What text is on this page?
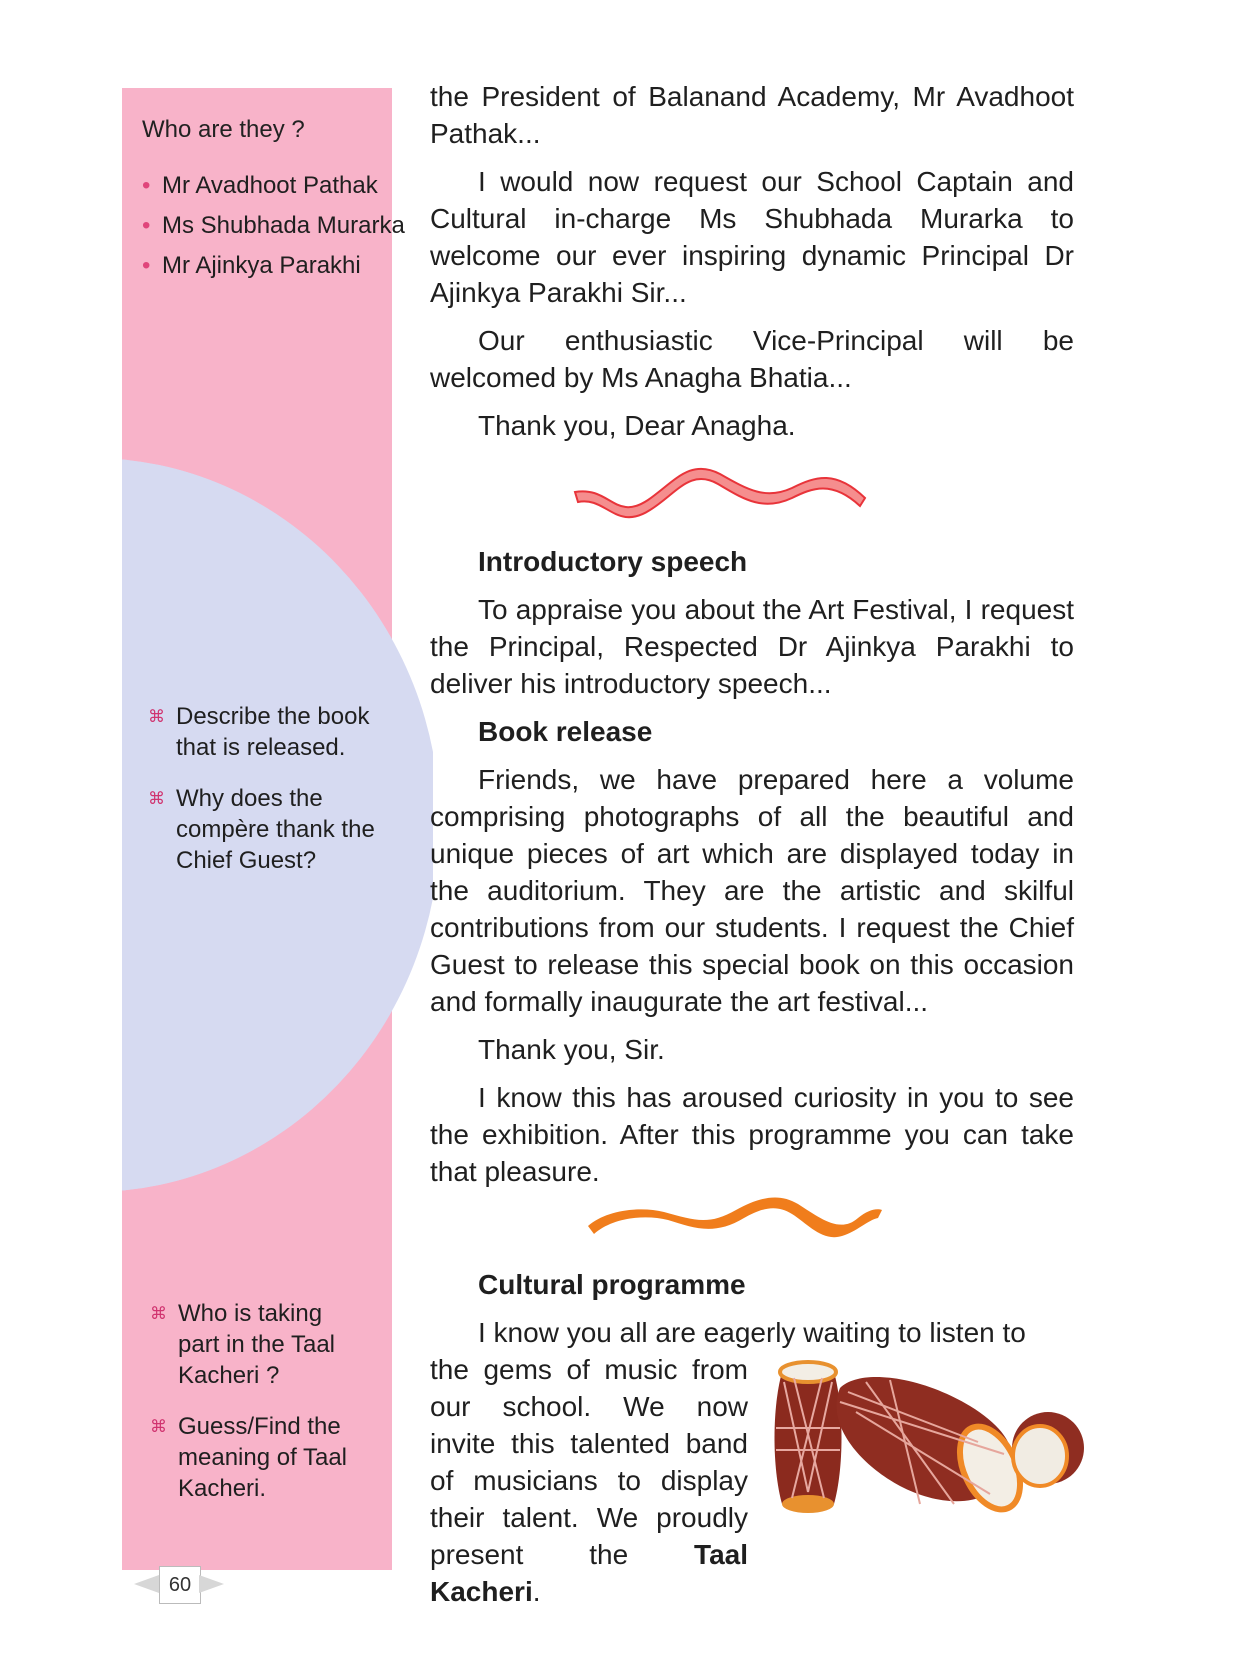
Who are they ?
• Mr Avadhoot Pathak
• Ms Shubhada Murarka
• Mr Ajinkya Parakhi
⌘ Describe the book that is released.
⌘ Why does the compère thank the Chief Guest?
⌘ Who is taking part in the Taal Kacheri ?
⌘ Guess/Find the meaning of Taal Kacheri.

the President of Balanand Academy, Mr Avadhoot Pathak...

I would now request our School Captain and Cultural in-charge Ms Shubhada Murarka to welcome our ever inspiring dynamic Principal Dr Ajinkya Parakhi Sir...

Our enthusiastic Vice-Principal will be welcomed by Ms Anagha Bhatia...

Thank you, Dear Anagha.

Introductory speech

To appraise you about the Art Festival, I request the Principal, Respected Dr Ajinkya Parakhi to deliver his introductory speech...

Book release

Friends, we have prepared here a volume comprising photographs of all the beautiful and unique pieces of art which are displayed today in the auditorium. They are the artistic and skilful contributions from our students. I request the Chief Guest to release this special book on this occasion and formally inaugurate the art festival...

Thank you, Sir.

I know this has aroused curiosity in you to see the exhibition. After this programme you can take that pleasure.

Cultural programme

I know you all are eagerly waiting to listen to

the gems of music from our school. We now invite this talented band of musicians to display their talent. We proudly present the Taal Kacheri.

60
